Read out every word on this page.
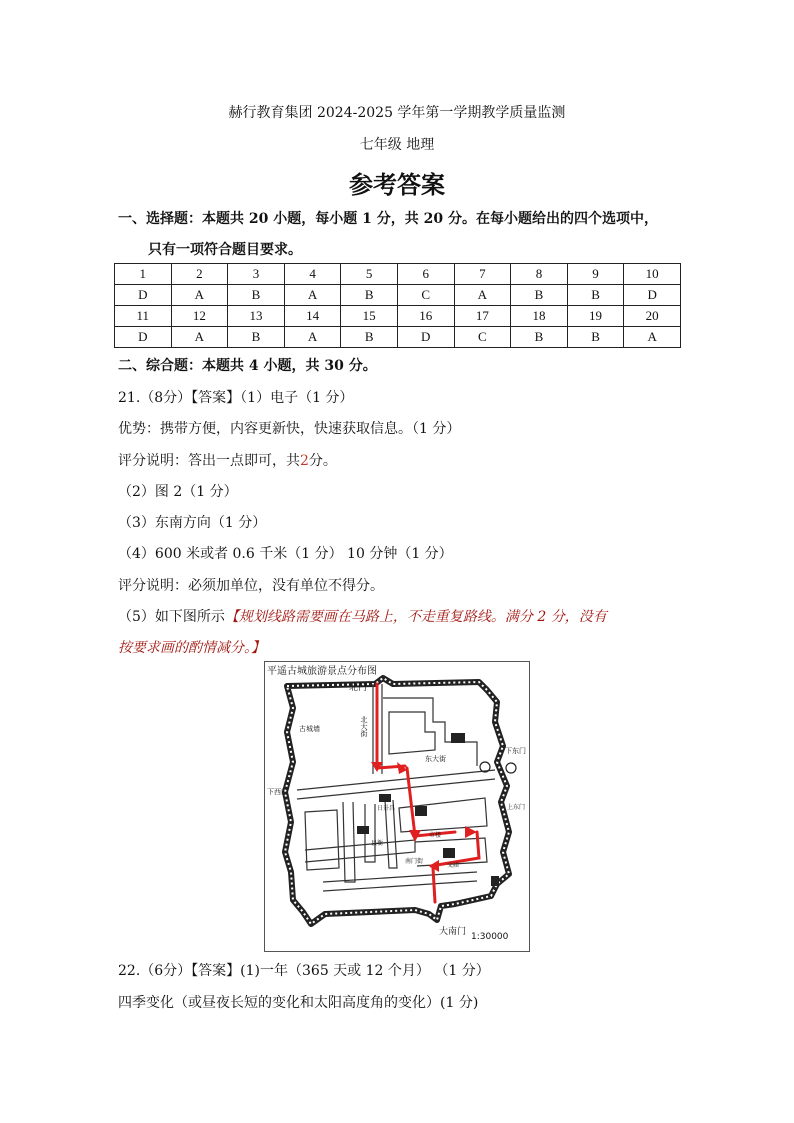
赫行教育集团 2024-2025 学年第一学期教学质量监测
七年级 地理
参考答案
一、选择题：本题共 20 小题，每小题 1 分，共 20 分。在每小题给出的四个选项中，
只有一项符合题目要求。
1	2	3	4	5	6	7	8	9	10
D	A	B	A	B	C	A	B	B	D
11	12	13	14	15	16	17	18	19	20
D	A	B	A	B	D	C	B	B	A
二、综合题：本题共 4 小题，共 30 分。
21.（8分）【答案】（1）电子（1 分）
优势：携带方便，内容更新快，快速获取信息。（1 分）
评分说明：答出一点即可，共2分。
（2）图 2（1 分）
（3）东南方向（1 分）
（4）600 米或者 0.6 千米（1 分） 10 分钟（1 分）
评分说明：必须加单位，没有单位不得分。
（5）如下图所示【规划线路需要画在马路上，不走重复路线。满分 2 分，没有
按要求画的酌情减分。】
平遥古城旅游景点分布图
北门
古城墙	北大街
东大街
下东门
下西门
日升昌
市楼
县衙
南门街
文庙
上东门
大南门 1:30000
22.（6分）【答案】(1)一年（365 天或 12 个月） （1 分）
四季变化（或昼夜长短的变化和太阳高度角的变化）(1 分)
